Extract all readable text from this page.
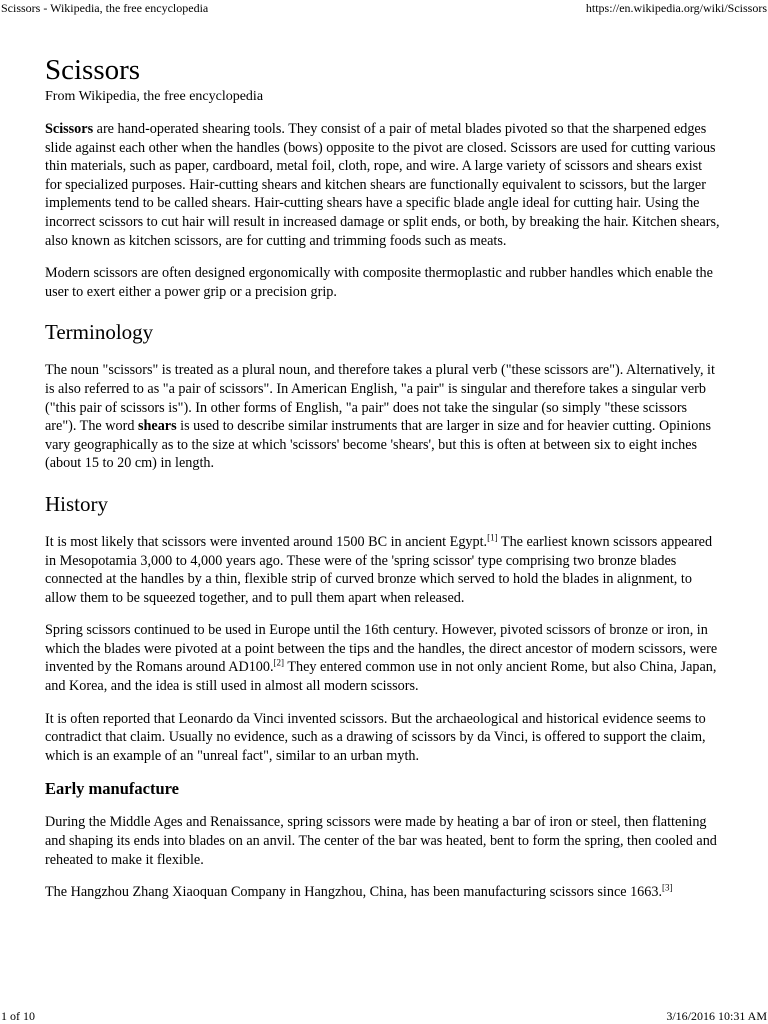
Scissors - Wikipedia, the free encyclopedia	https://en.wikipedia.org/wiki/Scissors
Scissors
From Wikipedia, the free encyclopedia

Scissors are hand-operated shearing tools. They consist of a pair of metal blades pivoted so that the sharpened edges slide against each other when the handles (bows) opposite to the pivot are closed. Scissors are used for cutting various thin materials, such as paper, cardboard, metal foil, cloth, rope, and wire. A large variety of scissors and shears exist for specialized purposes. Hair-cutting shears and kitchen shears are functionally equivalent to scissors, but the larger implements tend to be called shears. Hair-cutting shears have a specific blade angle ideal for cutting hair. Using the incorrect scissors to cut hair will result in increased damage or split ends, or both, by breaking the hair. Kitchen shears, also known as kitchen scissors, are for cutting and trimming foods such as meats.

Modern scissors are often designed ergonomically with composite thermoplastic and rubber handles which enable the user to exert either a power grip or a precision grip.

Terminology

The noun "scissors" is treated as a plural noun, and therefore takes a plural verb ("these scissors are"). Alternatively, it is also referred to as "a pair of scissors". In American English, "a pair" is singular and therefore takes a singular verb ("this pair of scissors is"). In other forms of English, "a pair" does not take the singular (so simply "these scissors are"). The word shears is used to describe similar instruments that are larger in size and for heavier cutting. Opinions vary geographically as to the size at which 'scissors' become 'shears', but this is often at between six to eight inches (about 15 to 20 cm) in length.

History

It is most likely that scissors were invented around 1500 BC in ancient Egypt.[1] The earliest known scissors appeared in Mesopotamia 3,000 to 4,000 years ago. These were of the 'spring scissor' type comprising two bronze blades connected at the handles by a thin, flexible strip of curved bronze which served to hold the blades in alignment, to allow them to be squeezed together, and to pull them apart when released.

Spring scissors continued to be used in Europe until the 16th century. However, pivoted scissors of bronze or iron, in which the blades were pivoted at a point between the tips and the handles, the direct ancestor of modern scissors, were invented by the Romans around AD100.[2] They entered common use in not only ancient Rome, but also China, Japan, and Korea, and the idea is still used in almost all modern scissors.

It is often reported that Leonardo da Vinci invented scissors. But the archaeological and historical evidence seems to contradict that claim. Usually no evidence, such as a drawing of scissors by da Vinci, is offered to support the claim, which is an example of an "unreal fact", similar to an urban myth.

Early manufacture

During the Middle Ages and Renaissance, spring scissors were made by heating a bar of iron or steel, then flattening and shaping its ends into blades on an anvil. The center of the bar was heated, bent to form the spring, then cooled and reheated to make it flexible.

The Hangzhou Zhang Xiaoquan Company in Hangzhou, China, has been manufacturing scissors since 1663.[3]

1 of 10	3/16/2016 10:31 AM
